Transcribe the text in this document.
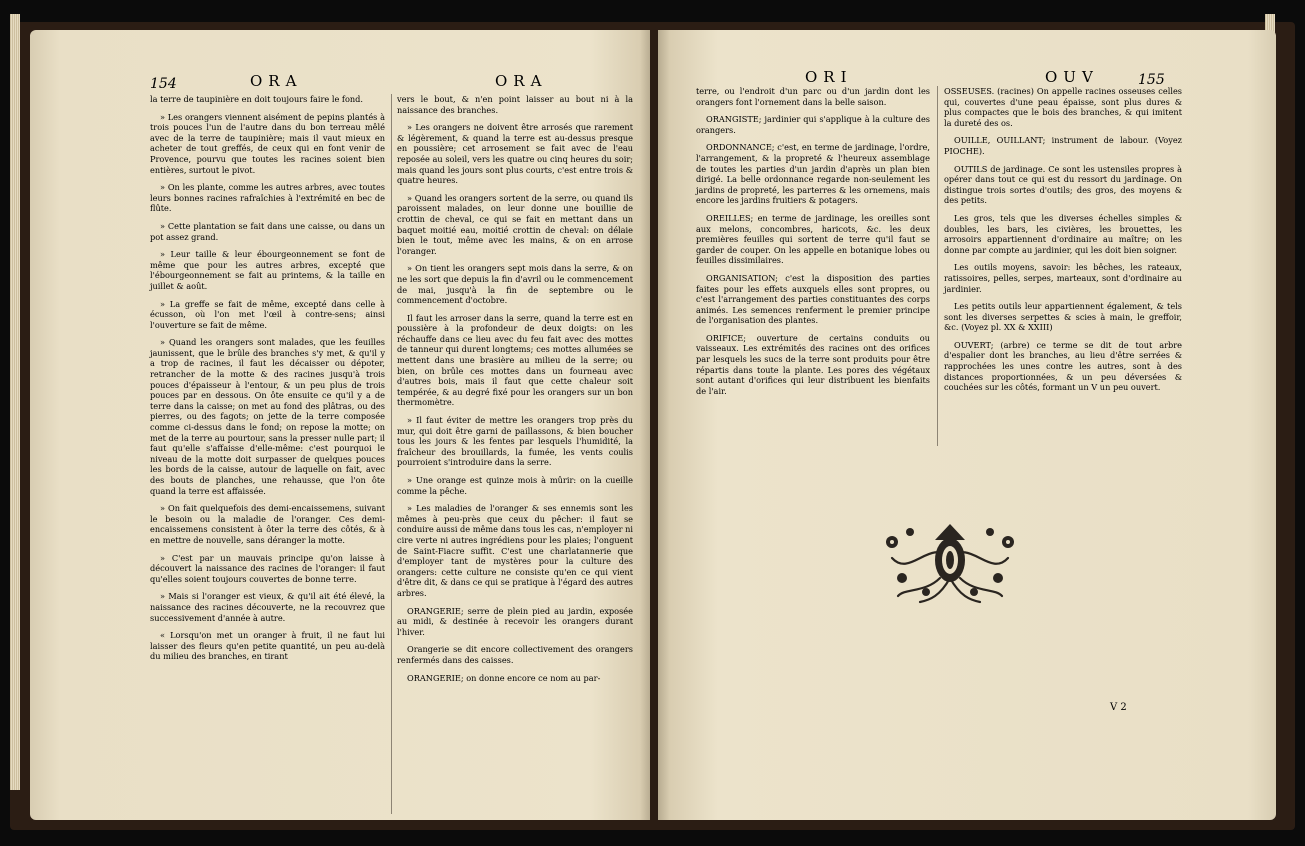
154	ORA	ORA

la terre de taupinière en doit toujours faire le fond.

» Les orangers viennent aisément de pepins plantés à trois pouces l'un de l'autre dans du bon terreau mêlé avec de la terre de taupinière; mais il vaut mieux en acheter de tout greffés, de ceux qui en font venir de Provence, pourvu que toutes les racines soient bien entières, surtout le pivot.

» On les plante, comme les autres arbres, avec toutes leurs bonnes racines rafraîchies à l'extrémité en bec de flûte.

» Cette plantation se fait dans une caisse, ou dans un pot assez grand.

» Leur taille & leur ébourgeonnement se font de même que pour les autres arbres, excepté que l'ébourgeonnement se fait au printems, & la taille en juillet & août.

» La greffe se fait de même, excepté dans celle à écusson, où l'on met l'œil à contre-sens; ainsi l'ouverture se fait de même.

» Quand les orangers sont malades, que les feuilles jaunissent, que le brûle des branches s'y met, & qu'il y a trop de racines, il faut les décaisser ou dépoter, retrancher de la motte & des racines jusqu'à trois pouces d'épaisseur à l'entour, & un peu plus de trois pouces par en dessous. On ôte ensuite ce qu'il y a de terre dans la caisse; on met au fond des plâtras, ou des pierres, ou des fagots; on jette de la terre composée comme ci-dessus dans le fond; on repose la motte; on met de la terre au pourtour, sans la presser nulle part; il faut qu'elle s'affaisse d'elle-même: c'est pourquoi le niveau de la motte doit surpasser de quelques pouces les bords de la caisse, autour de laquelle on fait, avec des bouts de planches, une rehausse, que l'on ôte quand la terre est affaissée.

» On fait quelquefois des demi-encaissemens, suivant le besoin ou la maladie de l'oranger. Ces demi-encaissemens consistent à ôter la terre des côtés, & à en mettre de nouvelle, sans déranger la motte.

» C'est par un mauvais principe qu'on laisse à découvert la naissance des racines de l'oranger: il faut qu'elles soient toujours couvertes de bonne terre.

» Mais si l'oranger est vieux, & qu'il ait été élevé, la naissance des racines découverte, ne la recouvrez que successivement d'année à autre.

« Lorsqu'on met un oranger à fruit, il ne faut lui laisser des fleurs qu'en petite quantité, un peu au-delà du milieu des branches, en tirant

vers le bout, & n'en point laisser au bout ni à la naissance des branches.

» Les orangers ne doivent être arrosés que rarement & légèrement, & quand la terre est au-dessus presque en poussière; cet arrosement se fait avec de l'eau reposée au soleil, vers les quatre ou cinq heures du soir; mais quand les jours sont plus courts, c'est entre trois & quatre heures.

» Quand les orangers sortent de la serre, ou quand ils paroissent malades, on leur donne une bouillie de crottin de cheval, ce qui se fait en mettant dans un baquet moitié eau, moitié crottin de cheval: on délaie bien le tout, même avec les mains, & on en arrose l'oranger.

» On tient les orangers sept mois dans la serre, & on ne les sort que depuis la fin d'avril ou le commencement de mai, jusqu'à la fin de septembre ou le commencement d'octobre.

Il faut les arroser dans la serre, quand la terre est en poussière à la profondeur de deux doigts: on les réchauffe dans ce lieu avec du feu fait avec des mottes de tanneur qui durent longtems; ces mottes allumées se mettent dans une brasière au milieu de la serre; ou bien, on brûle ces mottes dans un fourneau avec d'autres bois, mais il faut que cette chaleur soit tempérée, & au degré fixé pour les orangers sur un bon thermomètre.

» Il faut éviter de mettre les orangers trop près du mur, qui doit être garni de paillassons, & bien boucher tous les jours & les fentes par lesquels l'humidité, la fraîcheur des brouillards, la fumée, les vents coulis pourroient s'introduire dans la serre.

» Une orange est quinze mois à mûrir: on la cueille comme la pêche.

» Les maladies de l'oranger & ses ennemis sont les mêmes à peu-près que ceux du pêcher: il faut se conduire aussi de même dans tous les cas, n'employer ni cire verte ni autres ingrédiens pour les plaies; l'onguent de Saint-Fiacre suffit. C'est une charlatannerie que d'employer tant de mystères pour la culture des orangers: cette culture ne consiste qu'en ce qui vient d'être dit, & dans ce qui se pratique à l'égard des autres arbres.

ORANGERIE; serre de plein pied au jardin, exposée au midi, & destinée à recevoir les orangers durant l'hiver.

Orangerie se dit encore collectivement des orangers renfermés dans des caisses.

ORANGERIE; on donne encore ce nom au par-

ORI	OUV	155

terre, ou l'endroit d'un parc ou d'un jardin dont les orangers font l'ornement dans la belle saison.

ORANGISTE; jardinier qui s'applique à la culture des orangers.

ORDONNANCE; c'est, en terme de jardinage, l'ordre, l'arrangement, & la propreté & l'heureux assemblage de toutes les parties d'un jardin d'après un plan bien dirigé. La belle ordonnance regarde non-seulement les jardins de propreté, les parterres & les ornemens, mais encore les jardins fruitiers & potagers.

OREILLES; en terme de jardinage, les oreilles sont aux melons, concombres, haricots, &c. les deux premières feuilles qui sortent de terre qu'il faut se garder de couper. On les appelle en botanique lobes ou feuilles dissimilaires.

ORGANISATION; c'est la disposition des parties faites pour les effets auxquels elles sont propres, ou c'est l'arrangement des parties constituantes des corps animés. Les semences renferment le premier principe de l'organisation des plantes.

ORIFICE; ouverture de certains conduits ou vaisseaux. Les extrémités des racines ont des orifices par lesquels les sucs de la terre sont produits pour être répartis dans toute la plante. Les pores des végétaux sont autant d'orifices qui leur distribuent les bienfaits de l'air.

OSSEUSES. (racines) On appelle racines osseuses celles qui, couvertes d'une peau épaisse, sont plus dures & plus compactes que le bois des branches, & qui imitent la dureté des os.

OUILLE, OUILLANT; instrument de labour. (Voyez PIOCHE).

OUTILS de jardinage. Ce sont les ustensiles propres à opérer dans tout ce qui est du ressort du jardinage. On distingue trois sortes d'outils; des gros, des moyens & des petits.

Les gros, tels que les diverses échelles simples & doubles, les bars, les civières, les brouettes, les arrosoirs appartiennent d'ordinaire au maître; on les donne par compte au jardinier, qui les doit bien soigner.

Les outils moyens, savoir: les bêches, les rateaux, ratissoires, pelles, serpes, marteaux, sont d'ordinaire au jardinier.

Les petits outils leur appartiennent également, & tels sont les diverses serpettes & scies à main, le greffoir, &c. (Voyez pl. XX & XXIII)

OUVERT; (arbre) ce terme se dit de tout arbre d'espalier dont les branches, au lieu d'être serrées & rapprochées les unes contre les autres, sont à des distances proportionnées, & un peu déversées & couchées sur les côtés, formant un V un peu ouvert.

V 2
